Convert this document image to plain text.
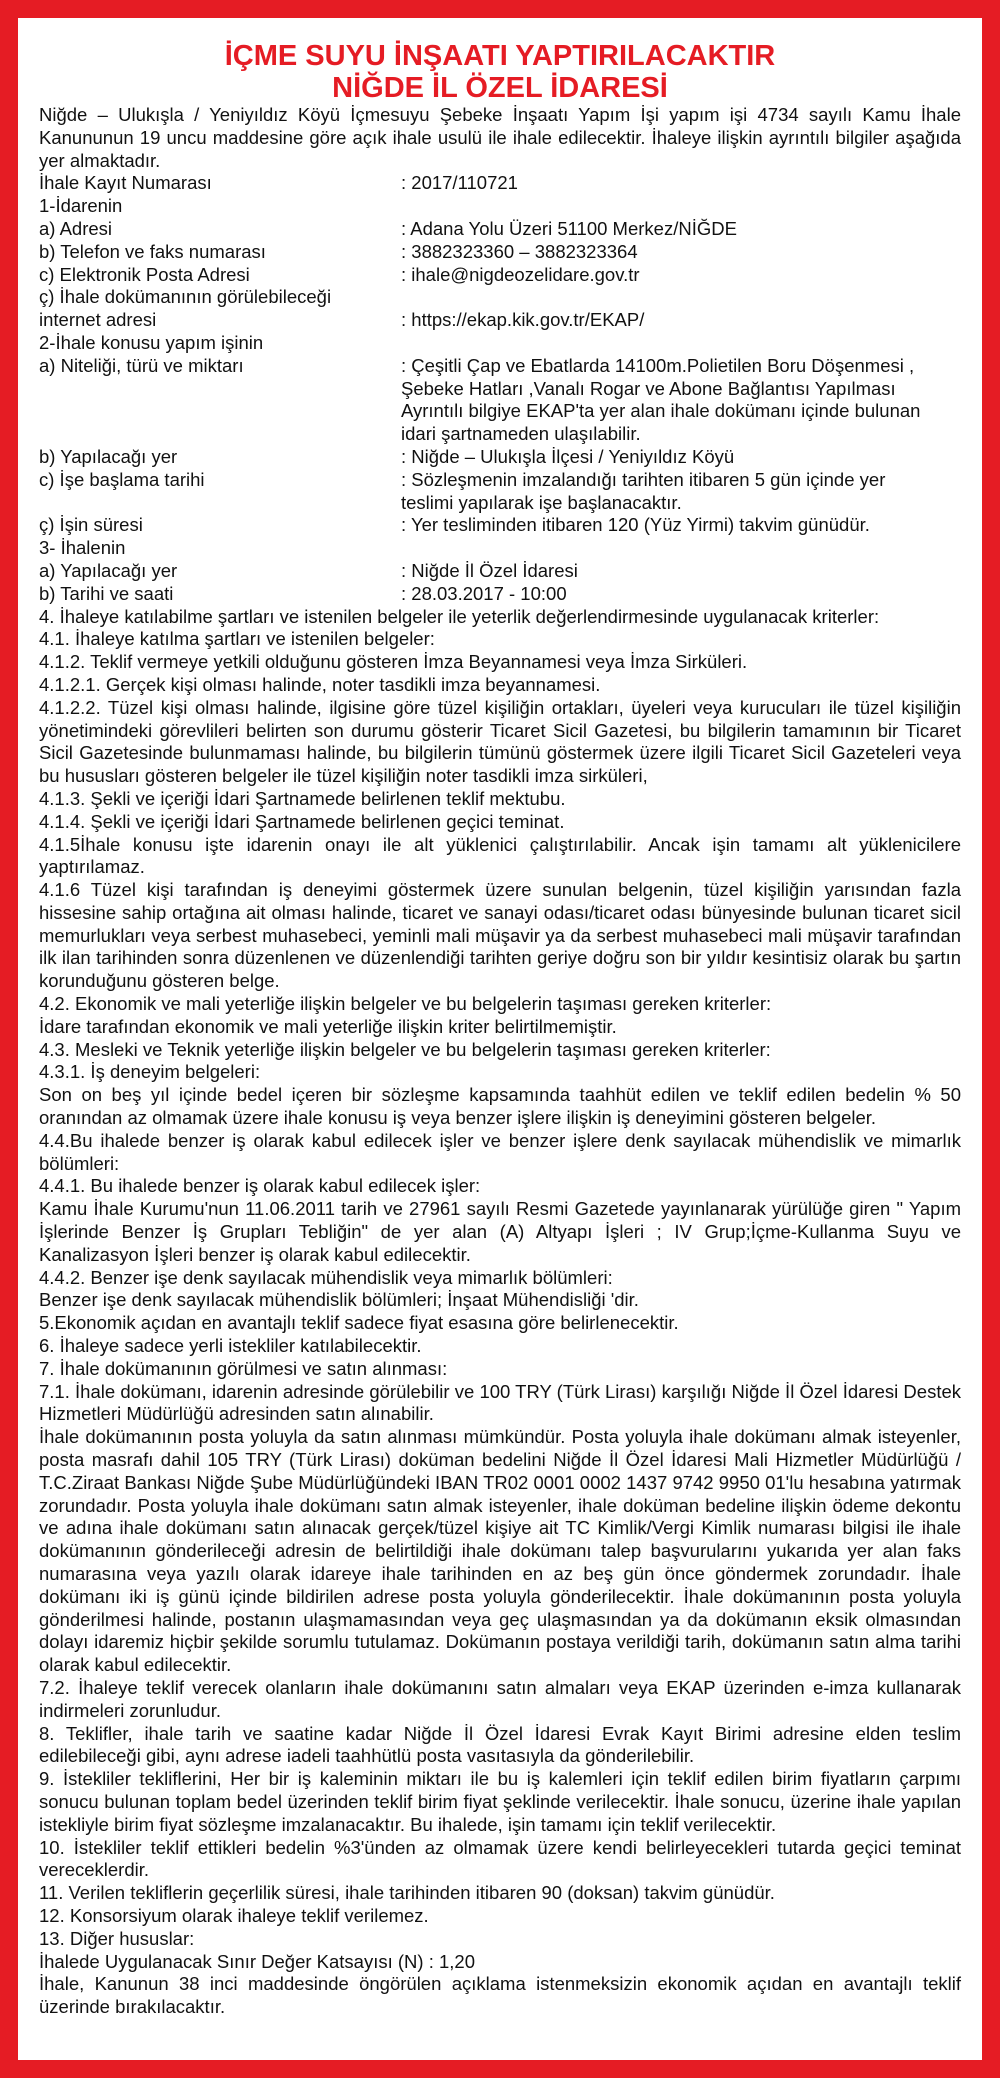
İÇME SUYU İNŞAATI YAPTIRILACAKTIR

NİĞDE İL ÖZEL İDARESİ

Niğde – Ulukışla / Yeniyıldız Köyü İçmesuyu Şebeke İnşaatı Yapım İşi yapım işi 4734 sayılı Kamu İhale Kanununun 19 uncu maddesine göre açık ihale usulü ile ihale edilecektir. İhaleye ilişkin ayrıntılı bilgiler aşağıda yer almaktadır.

İhale Kayıt Numarası	: 2017/110721

1-İdarenin

a) Adresi	: Adana Yolu Üzeri 51100 Merkez/NİĞDE
b) Telefon ve faks numarası	: 3882323360 – 3882323364
c) Elektronik Posta Adresi	: ihale@nigdeozelidare.gov.tr

ç) İhale dokümanının görülebileceği

internet adresi	: https://ekap.kik.gov.tr/EKAP/

2-İhale konusu yapım işinin

a) Niteliği, türü ve miktarı	: Çeşitli Çap ve Ebatlarda 14100m.Polietilen Boru Döşenmesi ,
Şebeke Hatları ,Vanalı Rogar ve Abone Bağlantısı Yapılması
Ayrıntılı bilgiye EKAP'ta yer alan ihale dokümanı içinde bulunan
idari şartnameden ulaşılabilir.
b) Yapılacağı yer	: Niğde – Ulukışla İlçesi / Yeniyıldız Köyü
c) İşe başlama tarihi	: Sözleşmenin imzalandığı tarihten itibaren 5 gün içinde yer
teslimi yapılarak işe başlanacaktır.
ç) İşin süresi	: Yer tesliminden itibaren 120 (Yüz Yirmi) takvim günüdür.

3- İhalenin

a) Yapılacağı yer	: Niğde İl Özel İdaresi
b) Tarihi ve saati	: 28.03.2017 - 10:00

4. İhaleye katılabilme şartları ve istenilen belgeler ile yeterlik değerlendirmesinde uygulanacak kriterler:

4.1. İhaleye katılma şartları ve istenilen belgeler:

4.1.2. Teklif vermeye yetkili olduğunu gösteren İmza Beyannamesi veya İmza Sirküleri.

4.1.2.1. Gerçek kişi olması halinde, noter tasdikli imza beyannamesi.

4.1.2.2. Tüzel kişi olması halinde, ilgisine göre tüzel kişiliğin ortakları, üyeleri veya kurucuları ile tüzel kişiliğin yönetimindeki görevlileri belirten son durumu gösterir Ticaret Sicil Gazetesi, bu bilgilerin tamamının bir Ticaret Sicil Gazetesinde bulunmaması halinde, bu bilgilerin tümünü göstermek üzere ilgili Ticaret Sicil Gazeteleri veya bu hususları gösteren belgeler ile tüzel kişiliğin noter tasdikli imza sirküleri,

4.1.3. Şekli ve içeriği İdari Şartnamede belirlenen teklif mektubu.

4.1.4. Şekli ve içeriği İdari Şartnamede belirlenen geçici teminat.

4.1.5İhale konusu işte idarenin onayı ile alt yüklenici çalıştırılabilir. Ancak işin tamamı alt yüklenicilere yaptırılamaz.

4.1.6 Tüzel kişi tarafından iş deneyimi göstermek üzere sunulan belgenin, tüzel kişiliğin yarısından fazla hissesine sahip ortağına ait olması halinde, ticaret ve sanayi odası/ticaret odası bünyesinde bulunan ticaret sicil memurlukları veya serbest muhasebeci, yeminli mali müşavir ya da serbest muhasebeci mali müşavir tarafından ilk ilan tarihinden sonra düzenlenen ve düzenlendiği tarihten geriye doğru son bir yıldır kesintisiz olarak bu şartın korunduğunu gösteren belge.

4.2. Ekonomik ve mali yeterliğe ilişkin belgeler ve bu belgelerin taşıması gereken kriterler:

İdare tarafından ekonomik ve mali yeterliğe ilişkin kriter belirtilmemiştir.

4.3. Mesleki ve Teknik yeterliğe ilişkin belgeler ve bu belgelerin taşıması gereken kriterler:

4.3.1. İş deneyim belgeleri:

Son on beş yıl içinde bedel içeren bir sözleşme kapsamında taahhüt edilen ve teklif edilen bedelin % 50 oranından az olmamak üzere ihale konusu iş veya benzer işlere ilişkin iş deneyimini gösteren belgeler.

4.4.Bu ihalede benzer iş olarak kabul edilecek işler ve benzer işlere denk sayılacak mühendislik ve mimarlık bölümleri:

4.4.1. Bu ihalede benzer iş olarak kabul edilecek işler:

Kamu İhale Kurumu'nun 11.06.2011 tarih ve 27961 sayılı Resmi Gazetede yayınlanarak yürülüğe giren " Yapım İşlerinde Benzer İş Grupları Tebliğin" de yer alan (A) Altyapı İşleri ; IV Grup;İçme-Kullanma Suyu ve Kanalizasyon İşleri benzer iş olarak kabul edilecektir.

4.4.2. Benzer işe denk sayılacak mühendislik veya mimarlık bölümleri:

Benzer işe denk sayılacak mühendislik bölümleri; İnşaat Mühendisliği 'dir.

5.Ekonomik açıdan en avantajlı teklif sadece fiyat esasına göre belirlenecektir.

6. İhaleye sadece yerli istekliler katılabilecektir.

7. İhale dokümanının görülmesi ve satın alınması:

7.1. İhale dokümanı, idarenin adresinde görülebilir ve 100 TRY (Türk Lirası) karşılığı Niğde İl Özel İdaresi Destek Hizmetleri Müdürlüğü adresinden satın alınabilir.

İhale dokümanının posta yoluyla da satın alınması mümkündür. Posta yoluyla ihale dokümanı almak isteyenler, posta masrafı dahil 105 TRY (Türk Lirası) doküman bedelini Niğde İl Özel İdaresi Mali Hizmetler Müdürlüğü / T.C.Ziraat Bankası Niğde Şube Müdürlüğündeki IBAN TR02 0001 0002 1437 9742 9950 01'lu hesabına yatırmak zorundadır. Posta yoluyla ihale dokümanı satın almak isteyenler, ihale doküman bedeline ilişkin ödeme dekontu ve adına ihale dokümanı satın alınacak gerçek/tüzel kişiye ait TC Kimlik/Vergi Kimlik numarası bilgisi ile ihale dokümanının gönderileceği adresin de belirtildiği ihale dokümanı talep başvurularını yukarıda yer alan faks numarasına veya yazılı olarak idareye ihale tarihinden en az beş gün önce göndermek zorundadır. İhale dokümanı iki iş günü içinde bildirilen adrese posta yoluyla gönderilecektir. İhale dokümanının posta yoluyla gönderilmesi halinde, postanın ulaşmamasından veya geç ulaşmasından ya da dokümanın eksik olmasından dolayı idaremiz hiçbir şekilde sorumlu tutulamaz. Dokümanın postaya verildiği tarih, dokümanın satın alma tarihi olarak kabul edilecektir.

7.2. İhaleye teklif verecek olanların ihale dokümanını satın almaları veya EKAP üzerinden e-imza kullanarak indirmeleri zorunludur.

8. Teklifler, ihale tarih ve saatine kadar Niğde İl Özel İdaresi Evrak Kayıt Birimi adresine elden teslim edilebileceği gibi, aynı adrese iadeli taahhütlü posta vasıtasıyla da gönderilebilir.

9. İstekliler tekliflerini, Her bir iş kaleminin miktarı ile bu iş kalemleri için teklif edilen birim fiyatların çarpımı sonucu bulunan toplam bedel üzerinden teklif birim fiyat şeklinde verilecektir. İhale sonucu, üzerine ihale yapılan istekliyle birim fiyat sözleşme imzalanacaktır. Bu ihalede, işin tamamı için teklif verilecektir.

10. İstekliler teklif ettikleri bedelin %3'ünden az olmamak üzere kendi belirleyecekleri tutarda geçici teminat vereceklerdir.

11. Verilen tekliflerin geçerlilik süresi, ihale tarihinden itibaren 90 (doksan) takvim günüdür.

12. Konsorsiyum olarak ihaleye teklif verilemez.

13. Diğer hususlar:

İhalede Uygulanacak Sınır Değer Katsayısı (N) : 1,20

İhale, Kanunun 38 inci maddesinde öngörülen açıklama istenmeksizin ekonomik açıdan en avantajlı teklif üzerinde bırakılacaktır.
